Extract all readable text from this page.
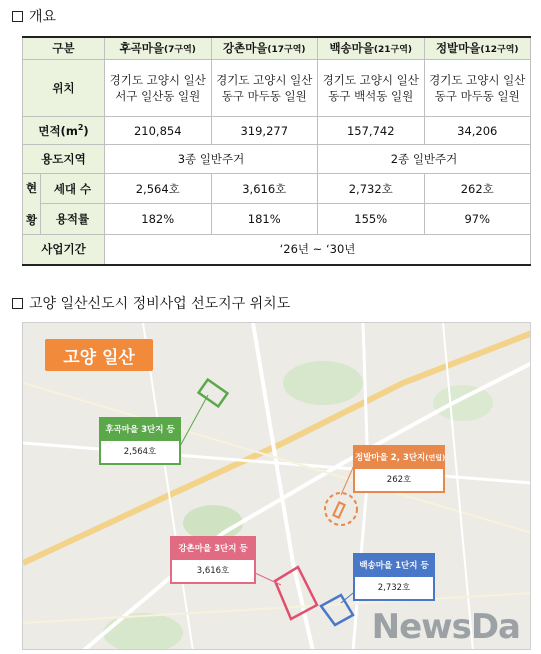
개요
구분		후곡마을(7구역)	강촌마을(17구역)	백송마을(21구역)	정발마을(12구역)
위치		경기도 고양시 일산서구 일산동 일원	경기도 고양시 일산동구 마두동 일원	경기도 고양시 일산동구 백석동 일원	경기도 고양시 일산동구 마두동 일원
면적$(m^2)$		210,854	319,277	157,742	34,206
용도지역		3종 일반주거		2종 일반주거	
현

황	세대 수	2,564호	3,616호	2,732호	262호
	용적률	182%	181%	155%	97%
사업기간		‘26년 ~ ‘30년			
고양 일산신도시 정비사업 선도지구 위치도
고양 일산
후곡마을 3단지 등
2,564호
정발마을 2, 3단지(연립)
262호
강촌마을 3단지 등
3,616호	백송마을 1단지 등
2,732호
NewsDa
